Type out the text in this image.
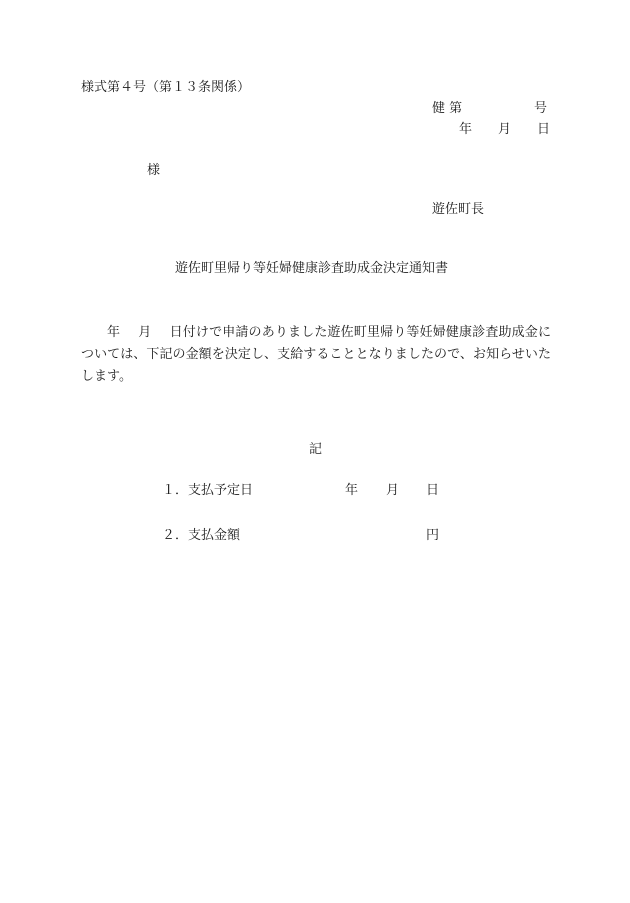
様式第４号（第１３条関係）
健 第	号
年 月 日
様
遊佐町長
遊佐町里帰り等妊婦健康診査助成金決定通知書
年 月 日付けで申請のありました遊佐町里帰り等妊婦健康診査助成金については、下記の金額を決定し、支給することとなりましたので、お知らせいたします。
記
１．支払予定日	年 月 日
２．支払金額	円
